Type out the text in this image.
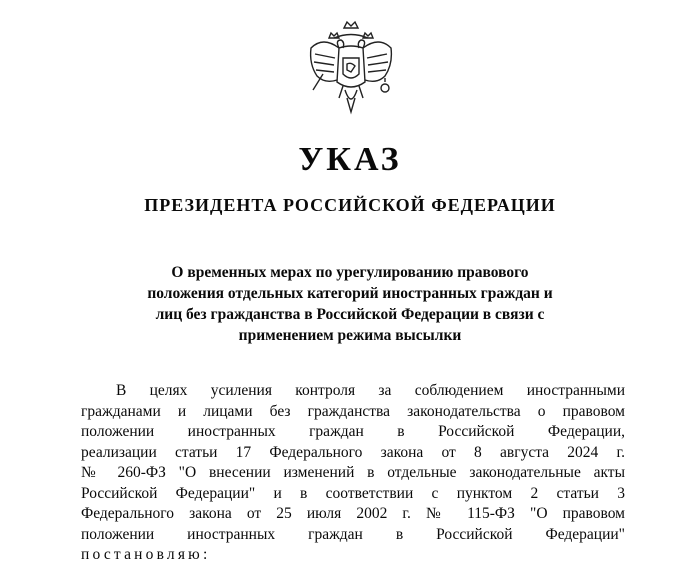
УКАЗ
ПРЕЗИДЕНТА РОССИЙСКОЙ ФЕДЕРАЦИИ
О временных мерах по урегулированию правового
положения отдельных категорий иностранных граждан и
лиц без гражданства в Российской Федерации в связи с
применением режима высылки
В целях усиления контроля за соблюдением иностранными
гражданами и лицами без гражданства законодательства о правовом
положении иностранных граждан в Российской Федерации,
реализации статьи 17 Федерального закона от 8 августа 2024 г.
№ 260-ФЗ "О внесении изменений в отдельные законодательные акты
Российской Федерации" и в соответствии с пунктом 2 статьи 3
Федерального закона от 25 июля 2002 г. № 115-ФЗ "О правовом
положении иностранных граждан в Российской Федерации"
постановляю:
